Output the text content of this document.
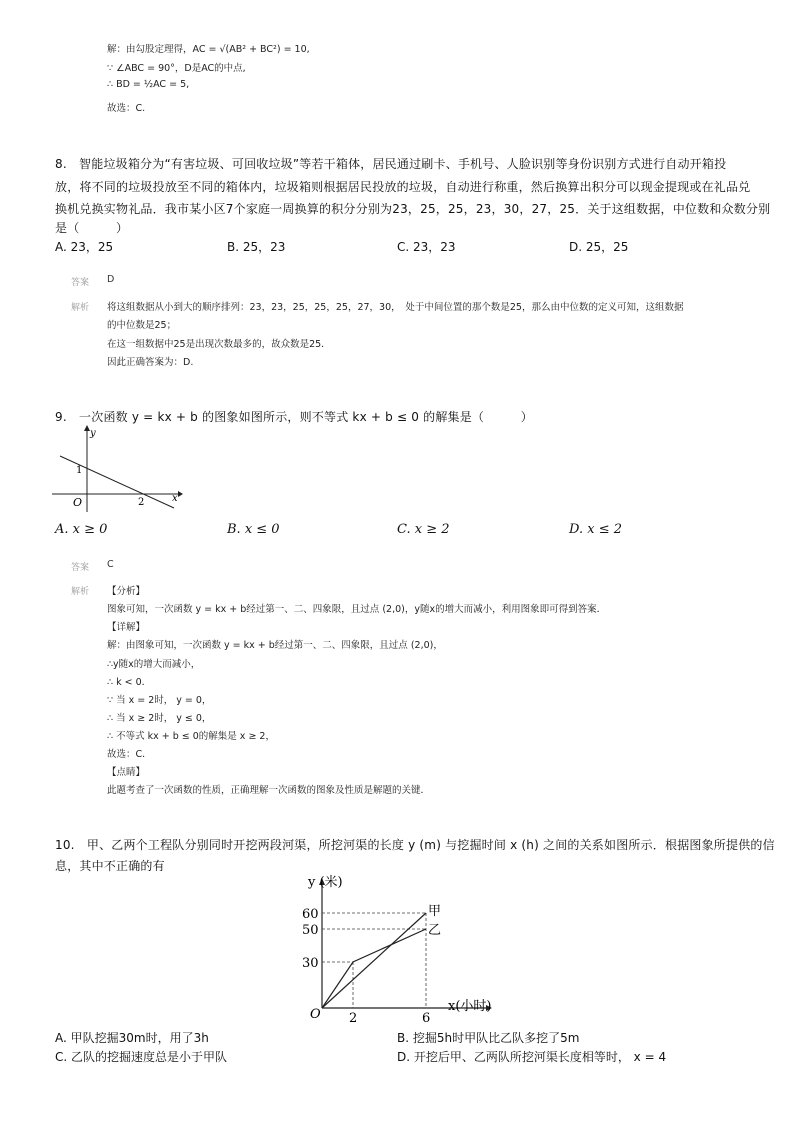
解：由勾股定理得，AC = √(AB² + BC²) = 10,
∵ ∠ABC = 90°，D是AC的中点,
∴ BD = ½AC = 5,
故选：C.
8.　智能垃圾箱分为“有害垃圾、可回收垃圾”等若干箱体，居民通过刷卡、手机号、人脸识别等身份识别方式进行自动开箱投
放，将不同的垃圾投放至不同的箱体内，垃圾箱则根据居民投放的垃圾，自动进行称重，然后换算出积分可以现金提现或在礼品兑
换机兑换实物礼品．我市某小区7个家庭一周换算的积分分别为23，25，25，23，30，27，25．关于这组数据，中位数和众数分别
是（　　　）
A. 23，25	B. 25，23	C. 23，23	D. 25，25
答案 D
解析 将这组数据从小到大的顺序排列：23，23，25，25，25，27，30，　处于中间位置的那个数是25，那么由中位数的定义可知，这组数据
的中位数是25；
在这一组数据中25是出现次数最多的，故众数是25．
因此正确答案为：D.
9.　一次函数 y = kx + b 的图象如图所示，则不等式 kx + b ≤ 0 的解集是（　　　）
y
x
O
1
2
A. x ≥ 0	B. x ≤ 0	C. x ≥ 2	D. x ≤ 2
答案 C
解析 【分析】
图象可知，一次函数 y = kx + b经过第一、二、四象限，且过点 (2,0)，y随x的增大而减小，利用图象即可得到答案．
【详解】
解：由图象可知，一次函数 y = kx + b经过第一、二、四象限，且过点 (2,0)，
∴y随x的增大而减小，
∴ k < 0．
∵ 当 x = 2时， y = 0，
∴ 当 x ≥ 2时， y ≤ 0，
∴ 不等式 kx + b ≤ 0的解集是 x ≥ 2，
故选：C．
【点睛】
此题考查了一次函数的性质，正确理解一次函数的图象及性质是解题的关键．
10.　甲、乙两个工程队分别同时开挖两段河渠，所挖河渠的长度 y (m) 与挖掘时间 x (h) 之间的关系如图所示．根据图象所提供的信
息，其中不正确的有
y (米)
x(小时)
O
60
50
30
2	6
甲
乙
A. 甲队挖掘30m时，用了3h	B. 挖掘5h时甲队比乙队多挖了5m
C. 乙队的挖掘速度总是小于甲队	D. 开挖后甲、乙两队所挖河渠长度相等时， x = 4
